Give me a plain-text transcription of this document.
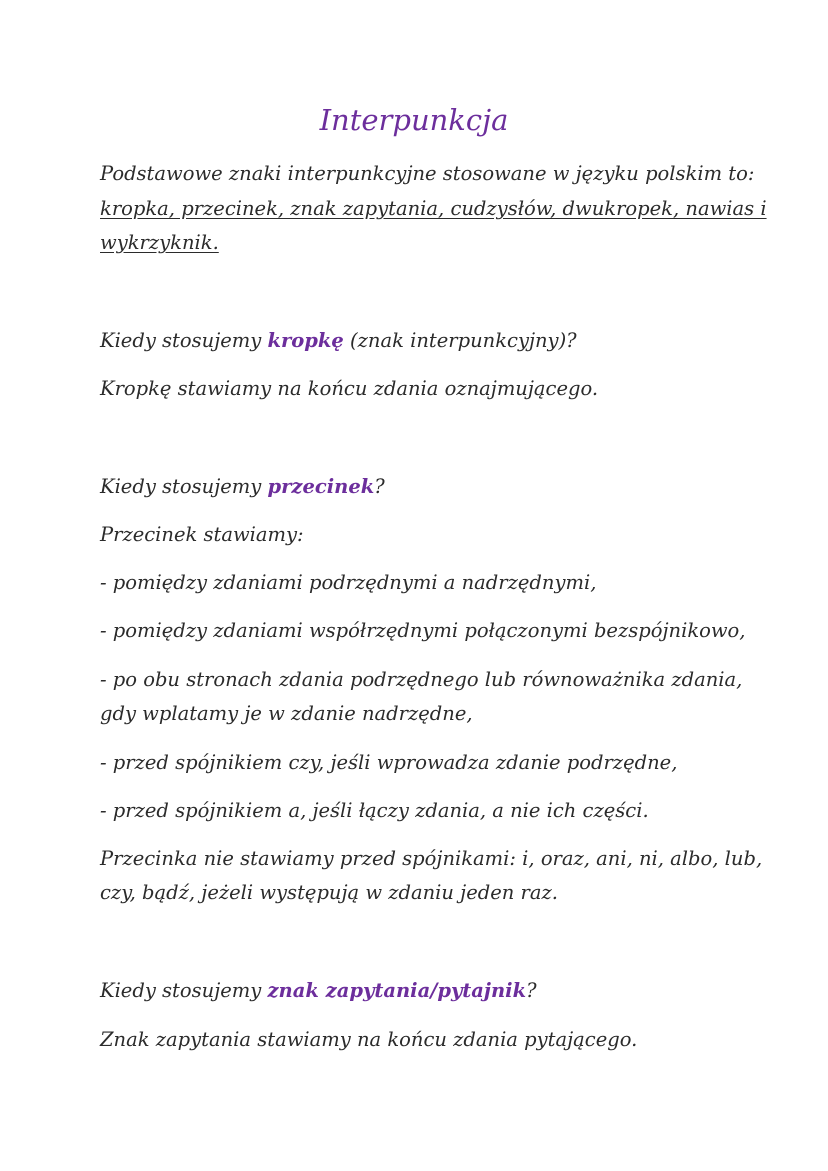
Interpunkcja
Podstawowe znaki interpunkcyjne stosowane w języku polskim to:
kropka, przecinek, znak zapytania, cudzysłów, dwukropek, nawias i
wykrzyknik.
Kiedy stosujemy kropkę (znak interpunkcyjny)?
Kropkę stawiamy na końcu zdania oznajmującego.
Kiedy stosujemy przecinek?
Przecinek stawiamy:
- pomiędzy zdaniami podrzędnymi a nadrzędnymi,
- pomiędzy zdaniami współrzędnymi połączonymi bezspójnikowo,
- po obu stronach zdania podrzędnego lub równoważnika zdania,
gdy wplatamy je w zdanie nadrzędne,
- przed spójnikiem czy, jeśli wprowadza zdanie podrzędne,
- przed spójnikiem a, jeśli łączy zdania, a nie ich części.
Przecinka nie stawiamy przed spójnikami: i, oraz, ani, ni, albo, lub,
czy, bądź, jeżeli występują w zdaniu jeden raz.
Kiedy stosujemy znak zapytania/pytajnik?
Znak zapytania stawiamy na końcu zdania pytającego.
